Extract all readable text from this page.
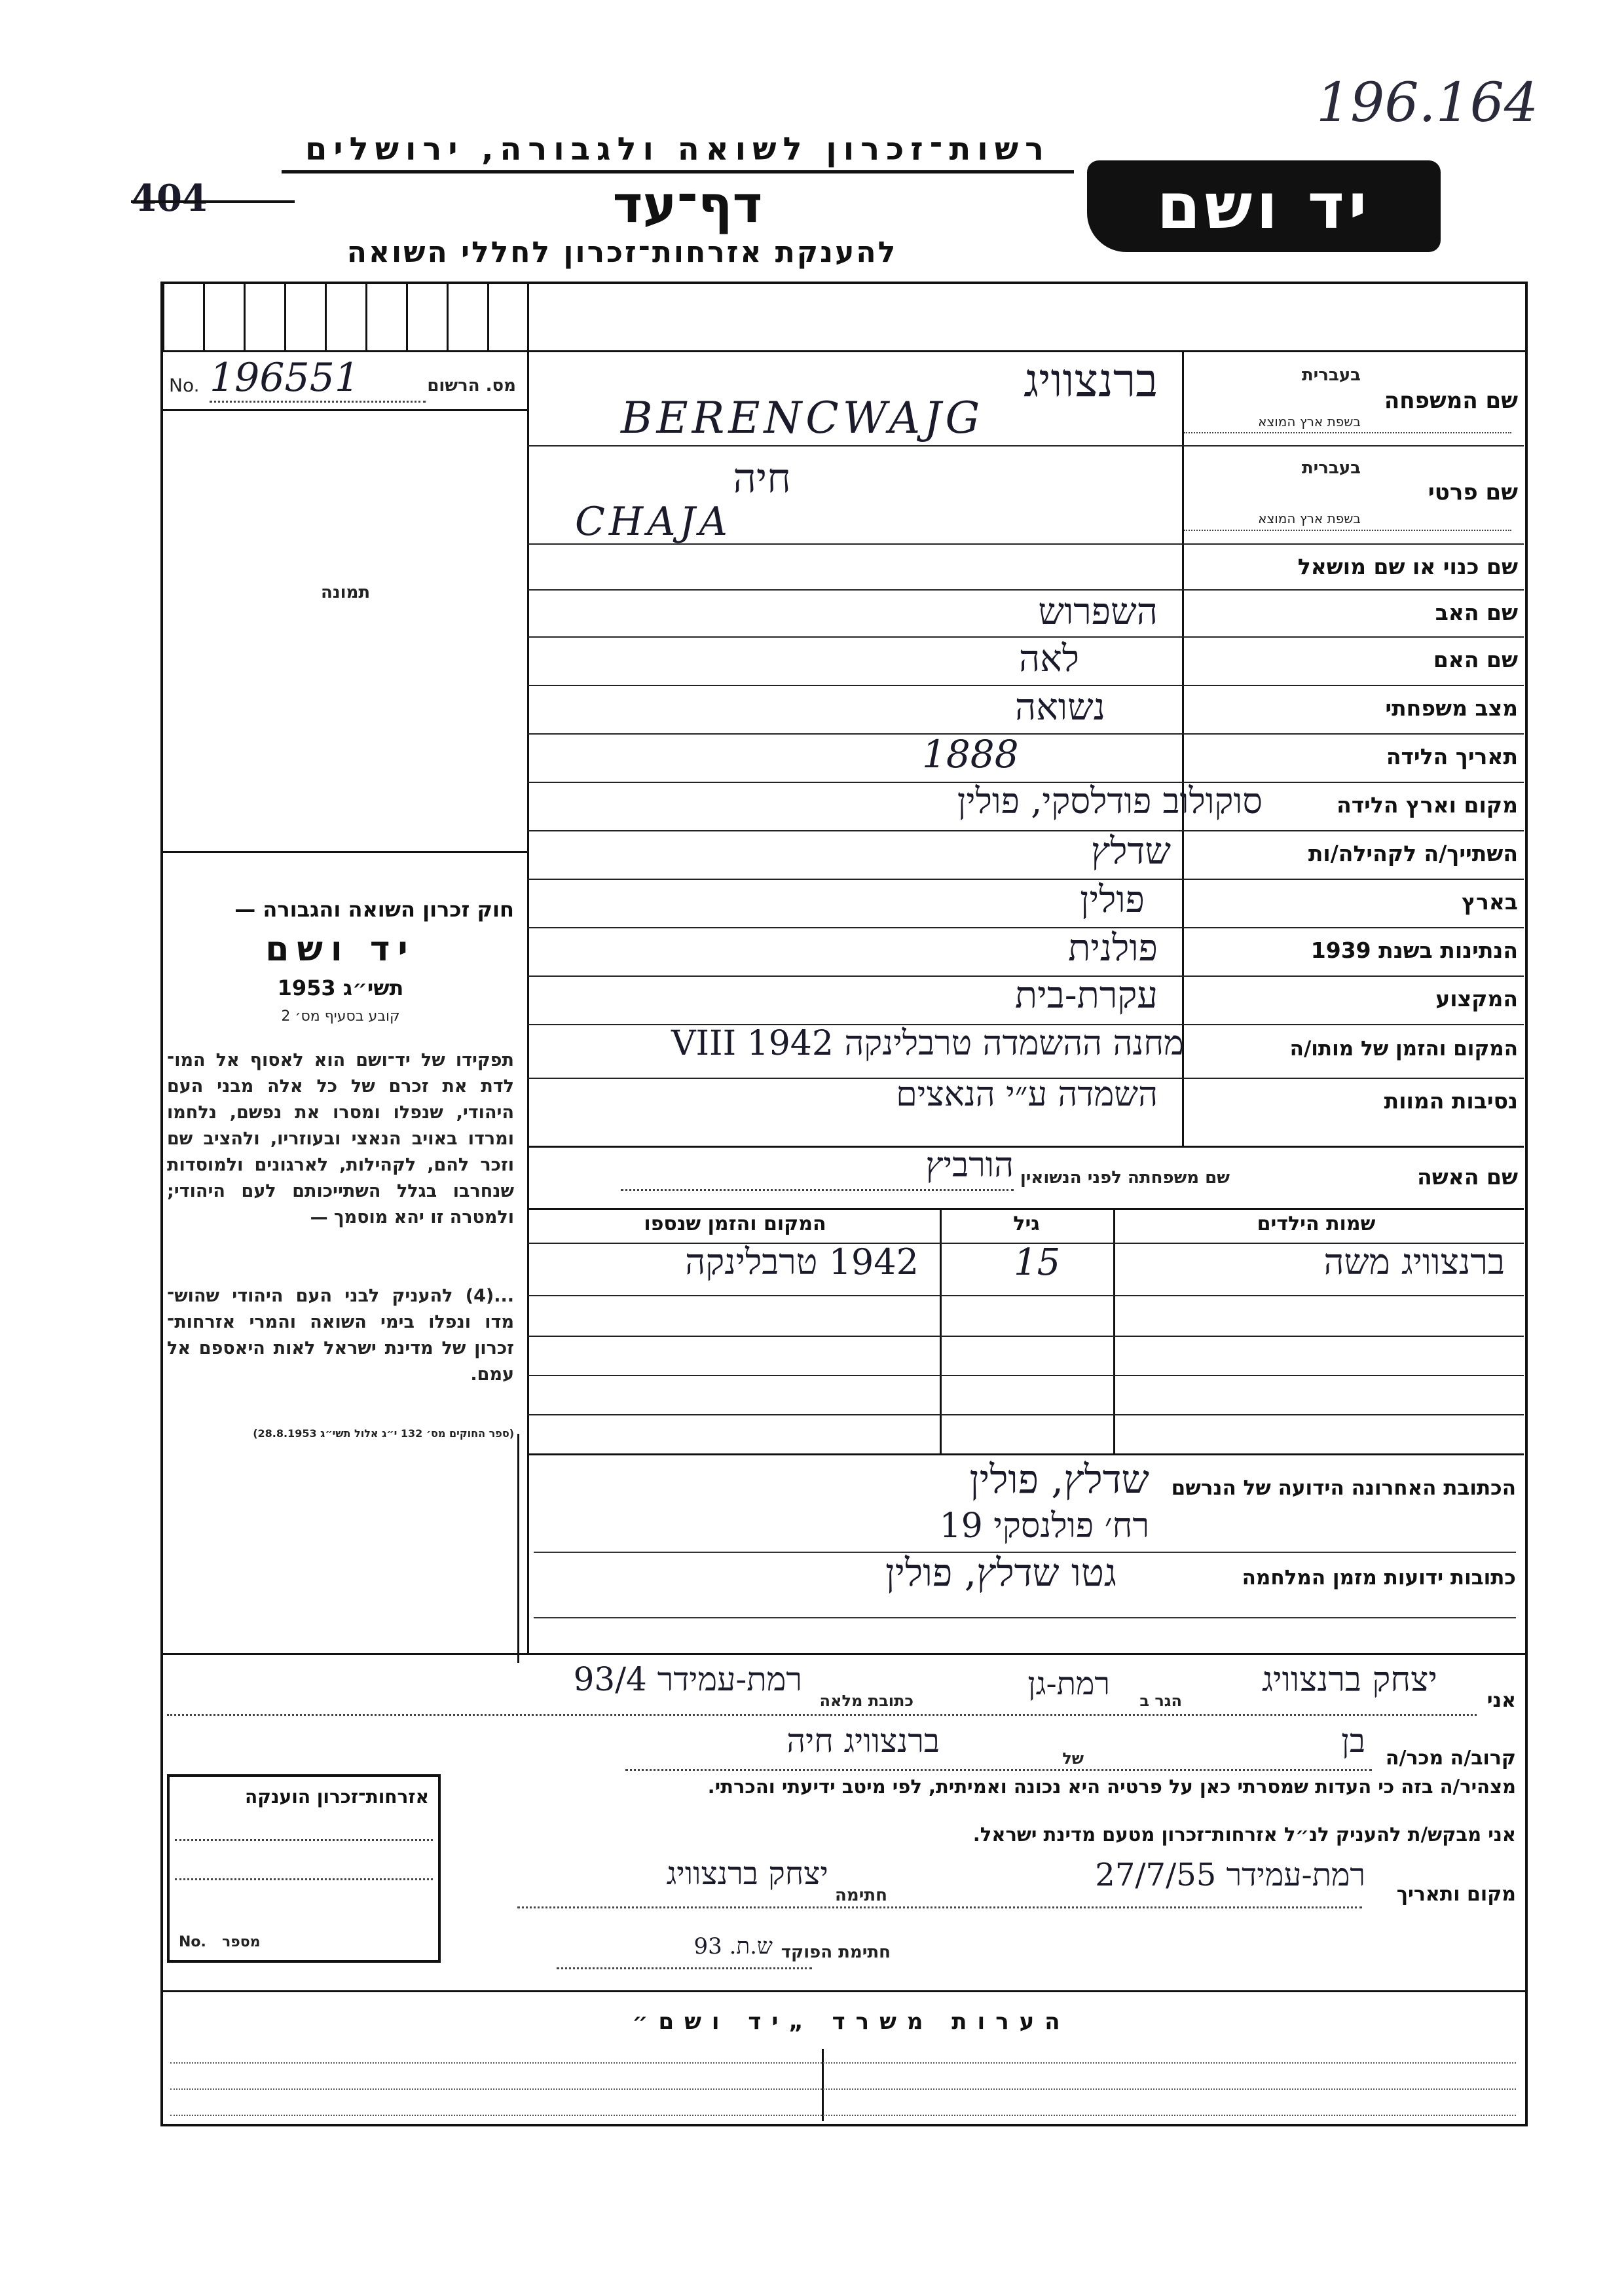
196.164
404
רשות־זכרון לשואה ולגבורה, ירושלים
דף־עד
להענקת אזרחות־זכרון לחללי השואה
יד ושם
No. 196551	מס. הרשום
תמונה
חוק זכרון השואה והגבורה —
יד ושם
תשי״ג 1953
קובע בסעיף מס׳ 2
תפקידו של יד־ושם הוא לאסוף אל המו־ לדת את זכרם של כל אלה מבני העם היהודי, שנפלו ומסרו את נפשם, נלחמו ומרדו באויב הנאצי ובעוזריו, ולהציב שם וזכר להם, לקהילות, לארגונים ולמוסדות שנחרבו בגלל השתייכותם לעם היהודי; ולמטרה זו יהא מוסמך —
...(4) להעניק לבני העם היהודי שהוש־ מדו ונפלו בימי השואה והמרי אזרחות־ זכרון של מדינת ישראל לאות היאספם אל עמם.
(ספר החוקים מס׳ 132 י״ג אלול תשי״ג 28.8.1953)
שם המשפחה
בעברית
בשפת ארץ המוצא
ברנצוויג
BERENCWAJG
שם פרטי
בעברית
בשפת ארץ המוצא
חיה
CHAJA
שם כנוי או שם מושאל
שם האב
השפרוש
שם האם
לאה
מצב משפחתי
נשואה
תאריך הלידה
1888
מקום וארץ הלידה
סוקולוב פודלסקי, פולין
השתייך/ה לקהילה/ות
שדלץ
בארץ
פולין
הנתינות בשנת 1939
פולנית
המקצוע
עקרת-בית
המקום והזמן של מותו/ה
מחנה ההשמדה טרבלינקה VIII 1942
נסיבות המוות
השמדה ע״י הנאצים
שם האשה
שם משפחתה לפני הנשואין
הורביץ
שמות הילדים
גיל
המקום והזמן שנספו
ברנצוויג משה
15
1942 טרבלינקה
הכתובת האחרונה הידועה של הנרשם
שדלץ, פולין
רח׳ פולנסקי 19
כתובות ידועות מזמן המלחמה
גטו שדלץ, פולין
אני
יצחק ברנצוויג
הגר ב
רמת-גן
כתובת מלאה
רמת-עמידר 93/4
קרוב/ה מכר/ה
בן
של
ברנצוויג חיה
מצהיר/ה בזה כי העדות שמסרתי כאן על פרטיה היא נכונה ואמיתית, לפי מיטב ידיעתי והכרתי.
אני מבקש/ת להעניק לנ״ל אזרחות־זכרון מטעם מדינת ישראל.
מקום ותאריך
רמת-עמידר 27/7/55
חתימה
יצחק ברנצוויג
חתימת הפוקד
ש.ת. 93
אזרחות־זכרון הוענקה
No. מספר
הערות משרד „יד ושם״
